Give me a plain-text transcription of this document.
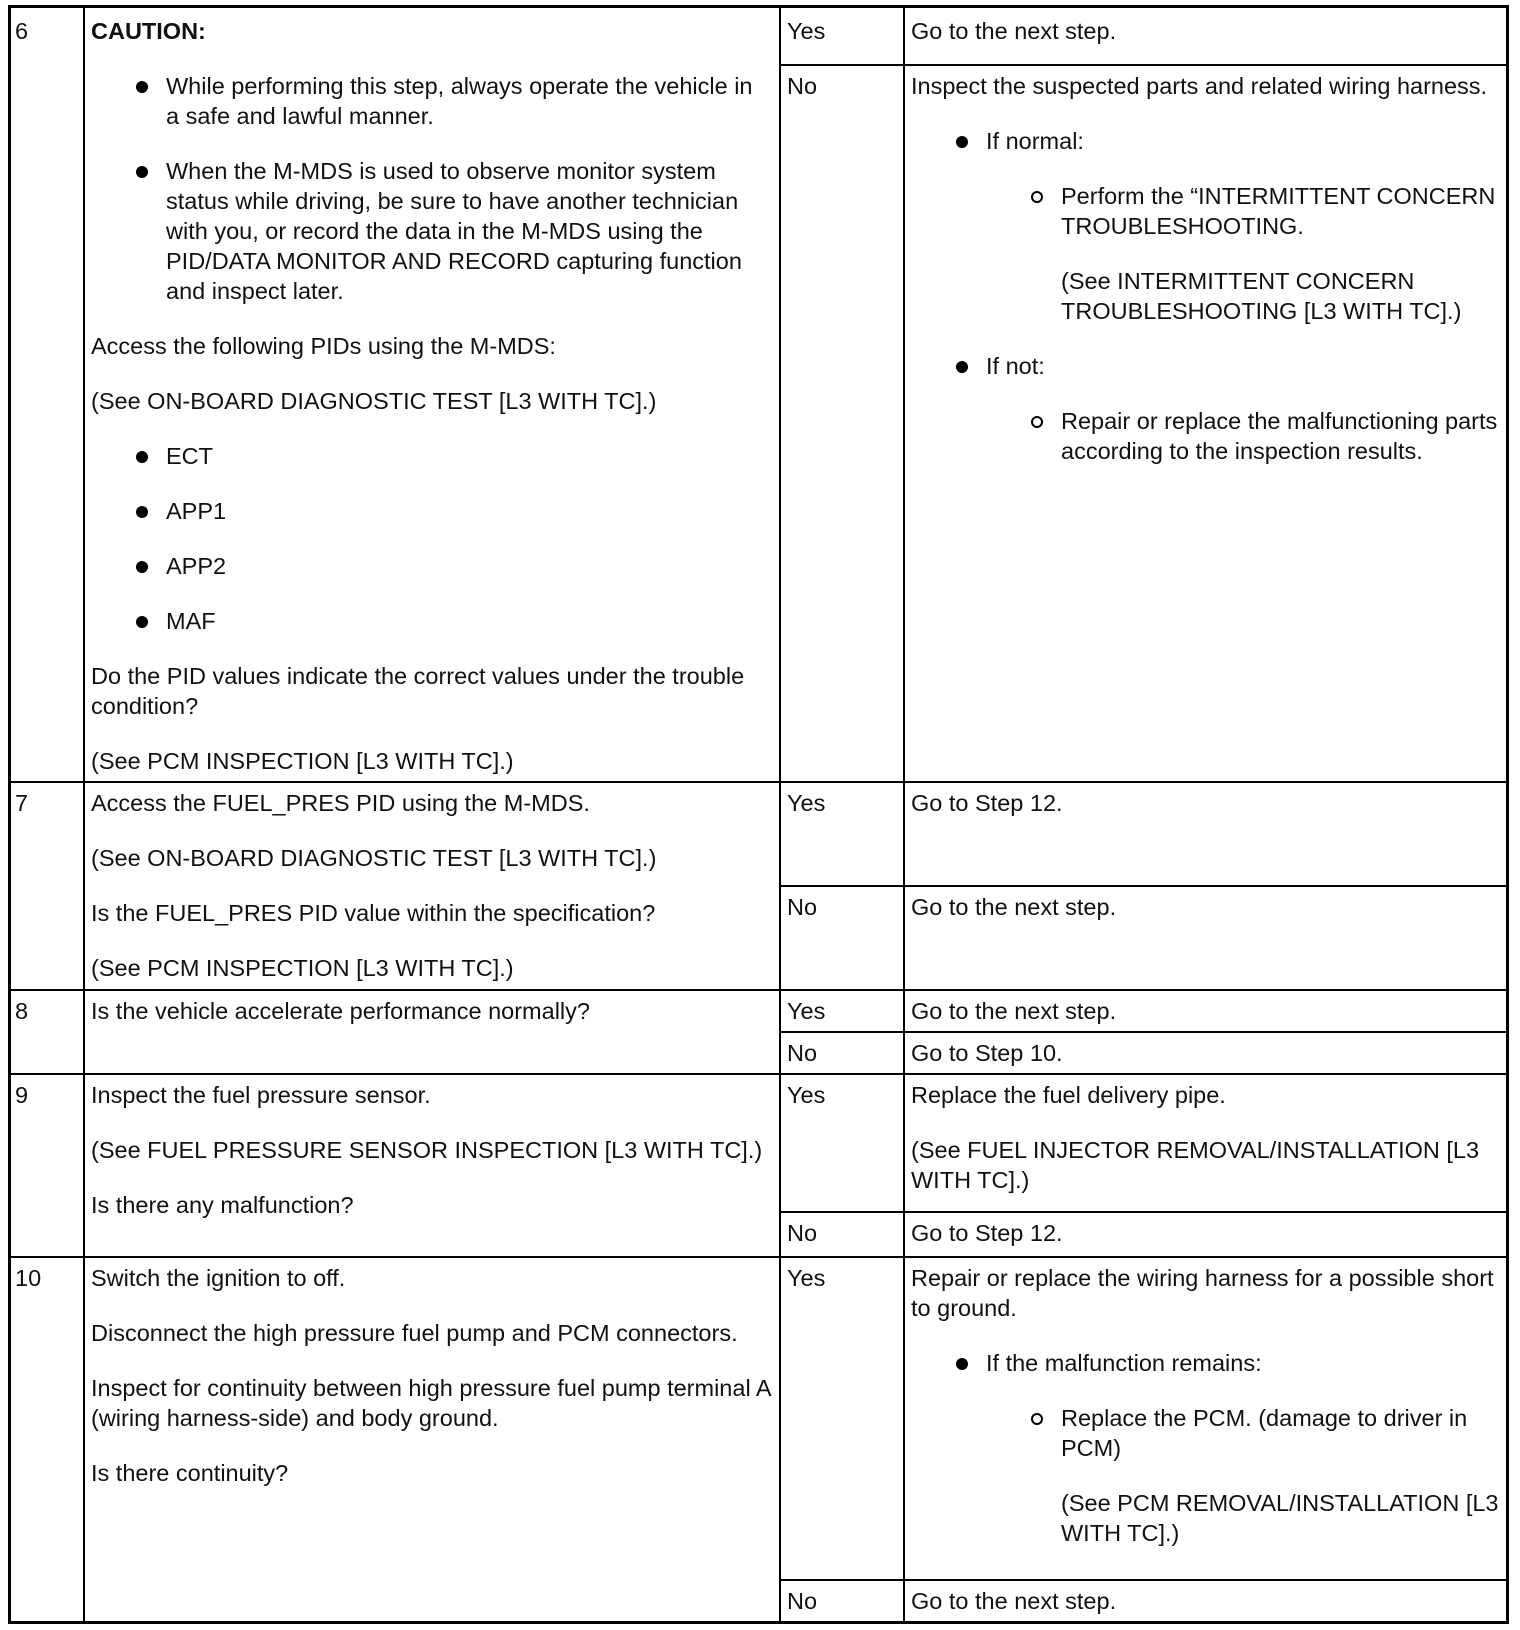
6	CAUTION:

While performing this step, always operate the vehicle in a safe and lawful manner.

When the M-MDS is used to observe monitor system status while driving, be sure to have another technician with you, or record the data in the M-MDS using the PID/DATA MONITOR AND RECORD capturing function and inspect later.

Access the following PIDs using the M-MDS:

(See ON-BOARD DIAGNOSTIC TEST [L3 WITH TC].)

ECT

APP1

APP2

MAF

Do the PID values indicate the correct values under the trouble condition?

(See PCM INSPECTION [L3 WITH TC].)

Yes	Go to the next step.
No	Inspect the suspected parts and related wiring harness.

If normal:

Perform the “INTERMITTENT CONCERN TROUBLESHOOTING.
(See INTERMITTENT CONCERN TROUBLESHOOTING [L3 WITH TC].)

If not:

Repair or replace the malfunctioning parts according to the inspection results.

7	Access the FUEL_PRES PID using the M-MDS.

(See ON-BOARD DIAGNOSTIC TEST [L3 WITH TC].)

Is the FUEL_PRES PID value within the specification?

(See PCM INSPECTION [L3 WITH TC].)

Yes	Go to Step 12.
No	Go to the next step.
8	Is the vehicle accelerate performance normally?	Yes	Go to the next step.
No	Go to Step 10.
9	Inspect the fuel pressure sensor.

(See FUEL PRESSURE SENSOR INSPECTION [L3 WITH TC].)

Is there any malfunction?

Yes	Replace the fuel delivery pipe.

(See FUEL INJECTOR REMOVAL/INSTALLATION [L3 WITH TC].)

No	Go to Step 12.
10 Switch the ignition to off.

Disconnect the high pressure fuel pump and PCM connectors.

Inspect for continuity between high pressure fuel pump terminal A (wiring harness-side) and body ground.

Is there continuity?

Yes	Repair or replace the wiring harness for a possible short to ground.

If the malfunction remains:

Replace the PCM. (damage to driver in PCM)
(See PCM REMOVAL/INSTALLATION [L3 WITH TC].)

No	Go to the next step.
